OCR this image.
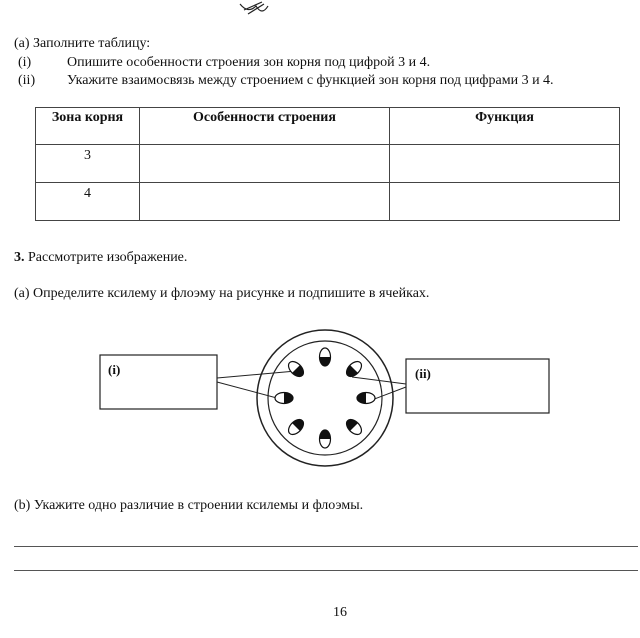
(а) Заполните таблицу:
(i)	Опишите особенности строения зон корня под цифрой 3 и 4.
(ii) Укажите взаимосвязь между строением с функцией зон корня под цифрами 3 и 4.
Зона корня	Особенности строения	Функция
3		
4		
3. Рассмотрите изображение.
(а) Определите ксилему и флоэму на рисунке и подпишите в ячейках.
(i)	(ii)
(b) Укажите одно различие в строении ксилемы и флоэмы.
16
